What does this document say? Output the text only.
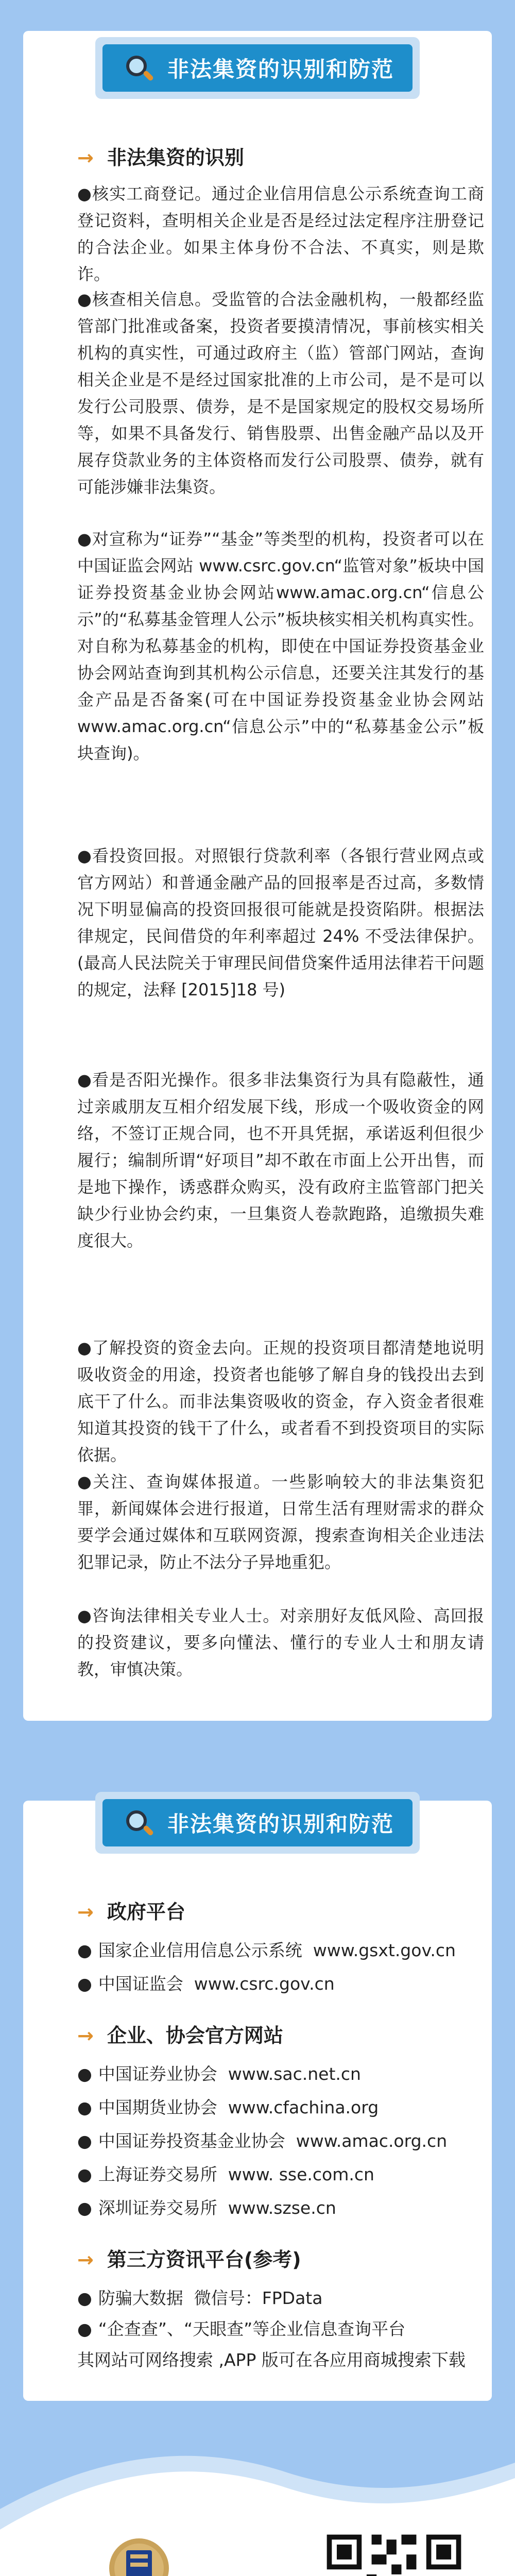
非法集资的识别和防范
→ 非法集资的识别

●核实工商登记。通过企业信用信息公示系统查询工商登记资料，查明相关企业是否是经过法定程序注册登记的合法企业。如果主体身份不合法、不真实，则是欺诈。

●核查相关信息。受监管的合法金融机构，一般都经监管部门批准或备案，投资者要摸清情况，事前核实相关机构的真实性，可通过政府主（监）管部门网站，查询相关企业是不是经过国家批准的上市公司，是不是可以发行公司股票、债券，是不是国家规定的股权交易场所等，如果不具备发行、销售股票、出售金融产品以及开展存贷款业务的主体资格而发行公司股票、债券，就有可能涉嫌非法集资。

●对宣称为“证券”“基金”等类型的机构，投资者可以在中国证监会网站 www.csrc.gov.cn“监管对象”板块中国证券投资基金业协会网站www.amac.org.cn“信息公示”的“私募基金管理人公示”板块核实相关机构真实性。对自称为私募基金的机构，即使在中国证券投资基金业协会网站查询到其机构公示信息，还要关注其发行的基金产品是否备案(可在中国证券投资基金业协会网站www.amac.org.cn“信息公示”中的“私募基金公示”板块查询)。

●看投资回报。对照银行贷款利率（各银行营业网点或官方网站）和普通金融产品的回报率是否过高，多数情况下明显偏高的投资回报很可能就是投资陷阱。根据法律规定，民间借贷的年利率超过 24% 不受法律保护。(最高人民法院关于审理民间借贷案件适用法律若干问题的规定，法释 [2015]18 号)

●看是否阳光操作。很多非法集资行为具有隐蔽性，通过亲戚朋友互相介绍发展下线，形成一个吸收资金的网络，不签订正规合同，也不开具凭据，承诺返利但很少履行；编制所谓“好项目”却不敢在市面上公开出售，而是地下操作，诱惑群众购买，没有政府主监管部门把关缺少行业协会约束，一旦集资人卷款跑路，追缴损失难度很大。

●了解投资的资金去向。正规的投资项目都清楚地说明吸收资金的用途，投资者也能够了解自身的钱投出去到底干了什么。而非法集资吸收的资金，存入资金者很难知道其投资的钱干了什么，或者看不到投资项目的实际依据。

●关注、查询媒体报道。一些影响较大的非法集资犯罪，新闻媒体会进行报道，日常生活有理财需求的群众要学会通过媒体和互联网资源，搜索查询相关企业违法犯罪记录，防止不法分子异地重犯。

●咨询法律相关专业人士。对亲朋好友低风险、高回报的投资建议，要多向懂法、懂行的专业人士和朋友请教，审慎决策。

→ 政府平台
● 国家企业信用信息公示系统 www.gsxt.gov.cn
● 中国证监会 www.csrc.gov.cn
→ 企业、协会官方网站
● 中国证券业协会 www.sac.net.cn
● 中国期货业协会 www.cfachina.org
● 中国证券投资基金业协会 www.amac.org.cn
● 上海证券交易所 www. sse.com.cn
● 深圳证券交易所 www.szse.cn
→ 第三方资讯平台(参考)
● 防骗大数据 微信号：FPData
● “企查查”、“天眼查”等企业信息查询平台
其网站可网络搜索 ,APP 版可在各应用商城搜索下载
非法集资的识别和防范
